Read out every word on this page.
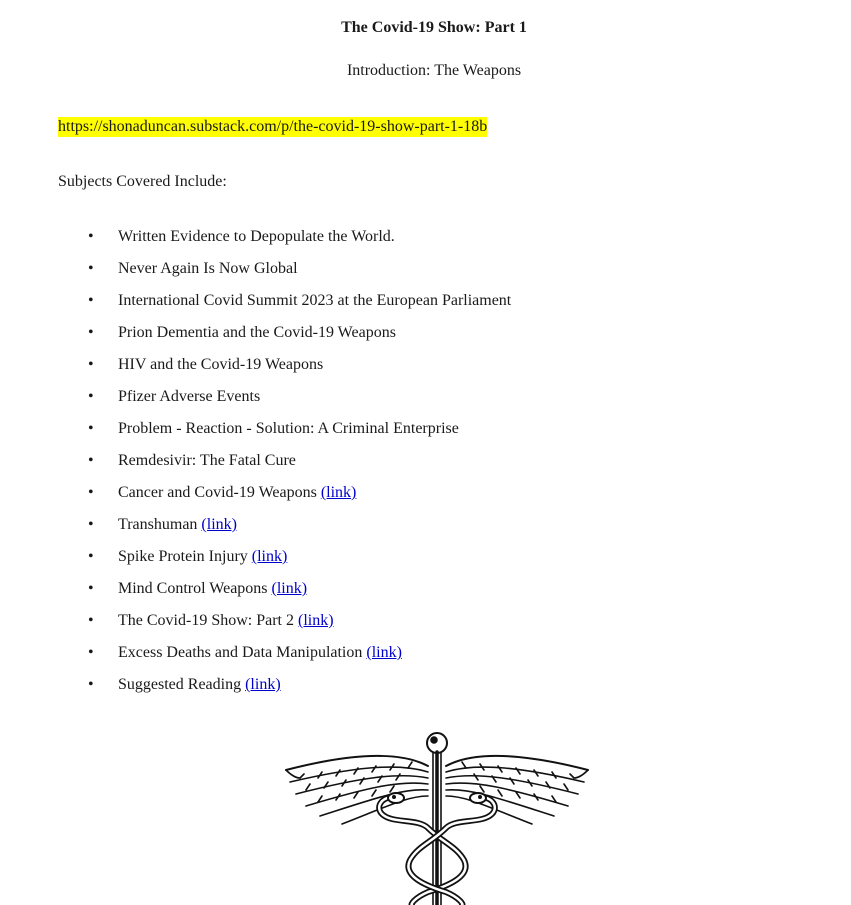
The Covid-19 Show: Part 1
Introduction: The Weapons
https://shonaduncan.substack.com/p/the-covid-19-show-part-1-18b
Subjects Covered Include:
• Written Evidence to Depopulate the World.
• Never Again Is Now Global
• International Covid Summit 2023 at the European Parliament
• Prion Dementia and the Covid-19 Weapons
• HIV and the Covid-19 Weapons
• Pfizer Adverse Events
• Problem - Reaction - Solution: A Criminal Enterprise
• Remdesivir: The Fatal Cure
• Cancer and Covid-19 Weapons (link)
• Transhuman (link)
• Spike Protein Injury (link)
• Mind Control Weapons (link)
• The Covid-19 Show: Part 2 (link)
• Excess Deaths and Data Manipulation (link)
• Suggested Reading (link)
